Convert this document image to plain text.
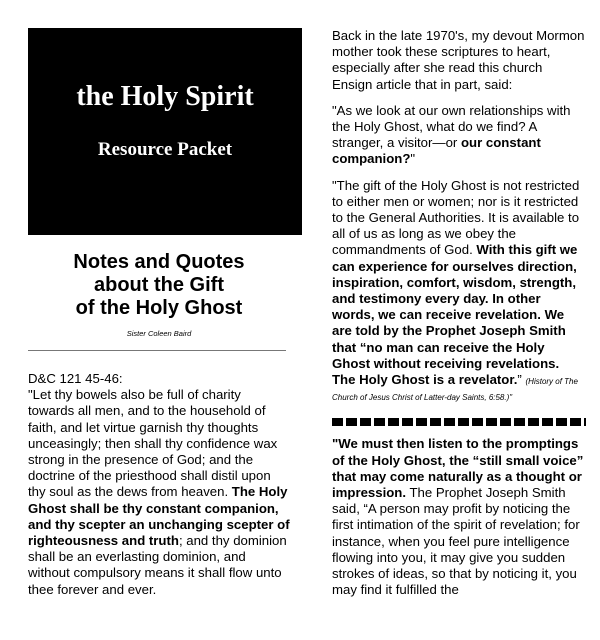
the Holy Spirit
Resource Packet
Notes and Quotes
about the Gift
of the Holy Ghost
Sister Coleen Baird
D&C 121 45-46:
"Let thy bowels also be full of charity towards all men, and to the household of faith, and let virtue garnish thy thoughts unceasingly; then shall thy confidence wax strong in the presence of God; and the doctrine of the priesthood shall distil upon thy soul as the dews from heaven. The Holy Ghost shall be thy constant companion, and thy scepter an unchanging scepter of righteousness and truth; and thy dominion shall be an everlasting dominion, and without compulsory means it shall flow unto thee forever and ever.
Back in the late 1970's, my devout Mormon mother took these scriptures to heart, especially after she read this church Ensign article that in part, said:
"As we look at our own relationships with the Holy Ghost, what do we find? A stranger, a visitor—or our constant companion?"
"The gift of the Holy Ghost is not restricted to either men or women; nor is it restricted to the General Authorities. It is available to all of us as long as we obey the commandments of God. With this gift we can experience for ourselves direction, inspiration, comfort, wisdom, strength, and testimony every day. In other words, we can receive revelation. We are told by the Prophet Joseph Smith that “no man can receive the Holy Ghost without receiving revelations. The Holy Ghost is a revelator.” (History of The Church of Jesus Christ of Latter-day Saints, 6:58.)"
"We must then listen to the promptings of the Holy Ghost, the “still small voice” that may come naturally as a thought or impression. The Prophet Joseph Smith said, “A person may profit by noticing the first intimation of the spirit of revelation; for instance, when you feel pure intelligence flowing into you, it may give you sudden strokes of ideas, so that by noticing it, you may find it fulfilled the
